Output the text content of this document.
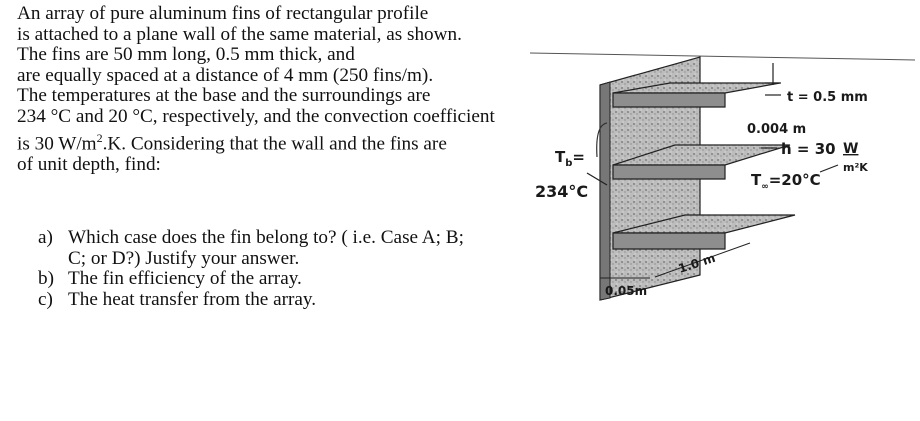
An array of pure aluminum fins of rectangular profile

is attached to a plane wall of the same material, as shown.

The fins are 50 mm long, 0.5 mm thick, and

are equally spaced at a distance of 4 mm (250 fins/m).

The temperatures at the base and the surroundings are

234 °C and 20 °C, respectively, and the convection coefficient

is 30 $W/m^2.K$. Considering that the wall and the fins are

of unit depth, find:

a) Which case does the fin belong to? ( i.e. Case A; B;
C; or D?) Justify your answer.
b) The fin efficiency of the array.
c) The heat transfer from the array.
$T_b=$
234°C
t = 0.5 mm
0.004 m
h = 30 W
m²K
$T_\infty=20^\circ C$
0.05m
1.0 m
